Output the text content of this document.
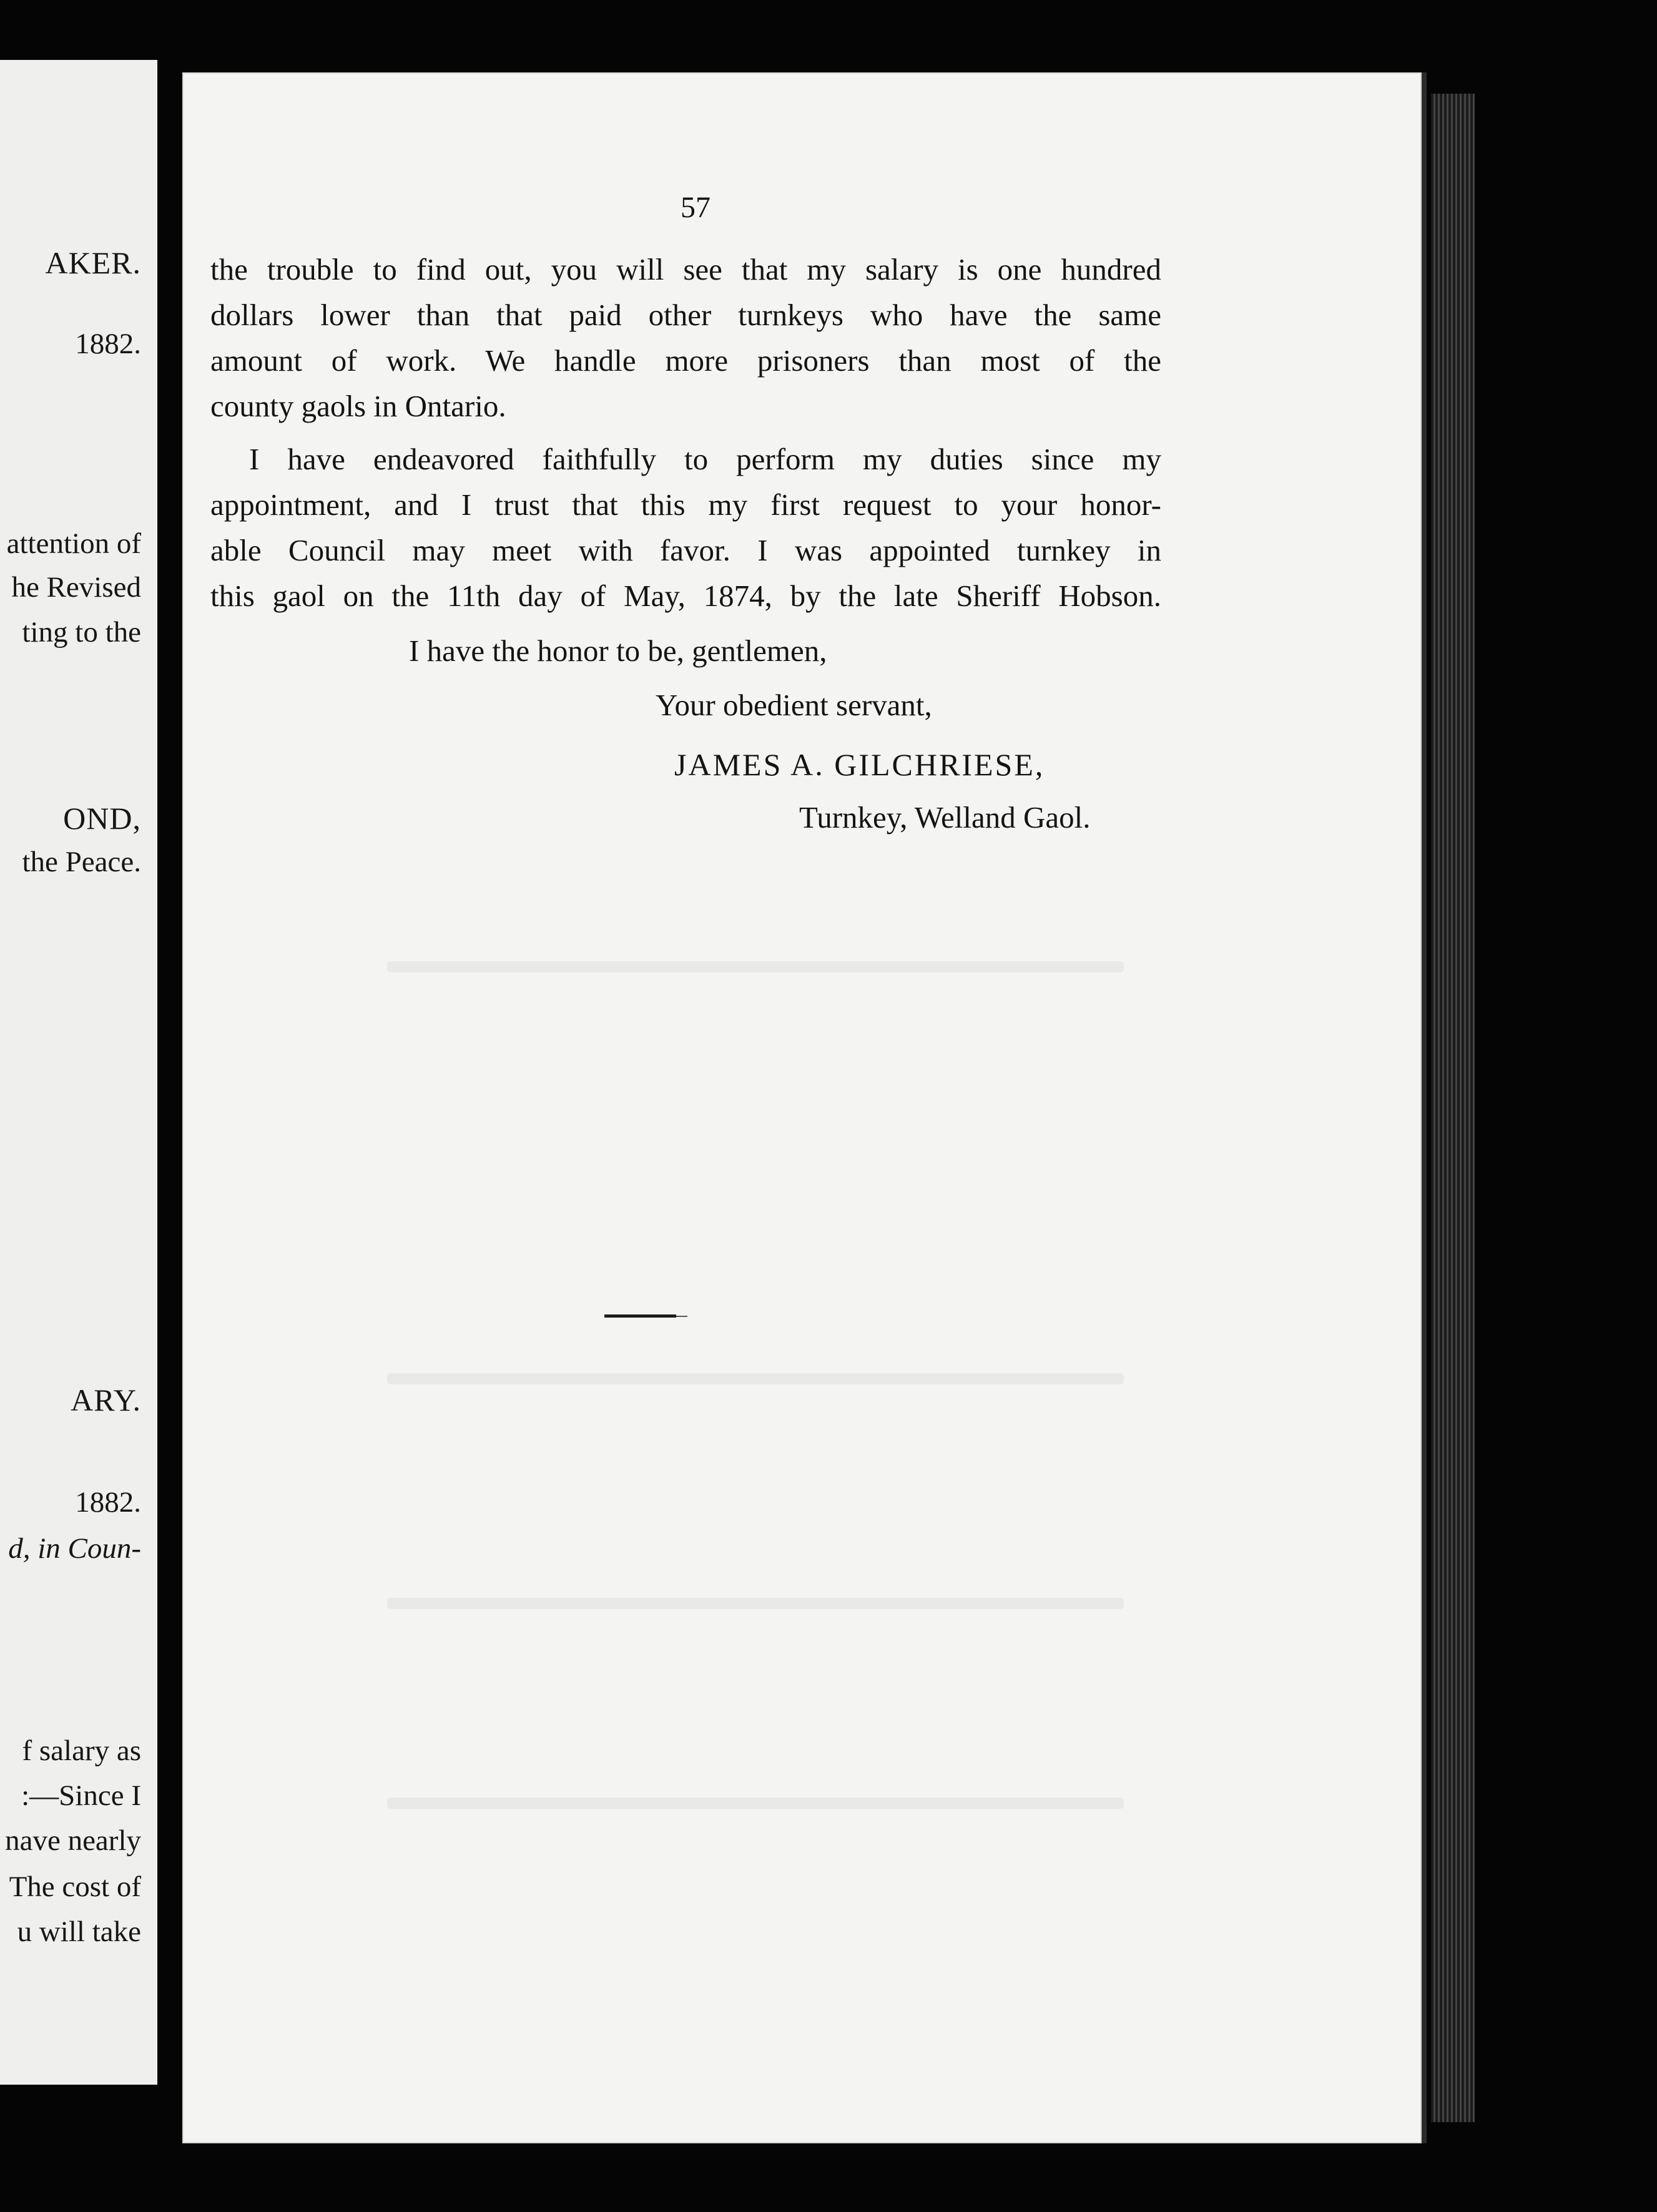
AKER.
1882.
attention of
he Revised
ting to the
OND,
the Peace.
ARY.
1882.
d, in Coun-
f salary as
:—Since I
nave nearly
The cost of
u will take
57

the trouble to find out, you will see that my salary is one hundred

dollars lower than that paid other turnkeys who have the same

amount of work. We handle more prisoners than most of the

county gaols in Ontario.

I have endeavored faithfully to perform my duties since my

appointment, and I trust that this my first request to your honor-

able Council may meet with favor. I was appointed turnkey in

this gaol on the 11th day of May, 1874, by the late Sheriff Hobson.

I have the honor to be, gentlemen,
Your obedient servant,
JAMES A. GILCHRIESE,
Turnkey, Welland Gaol.
